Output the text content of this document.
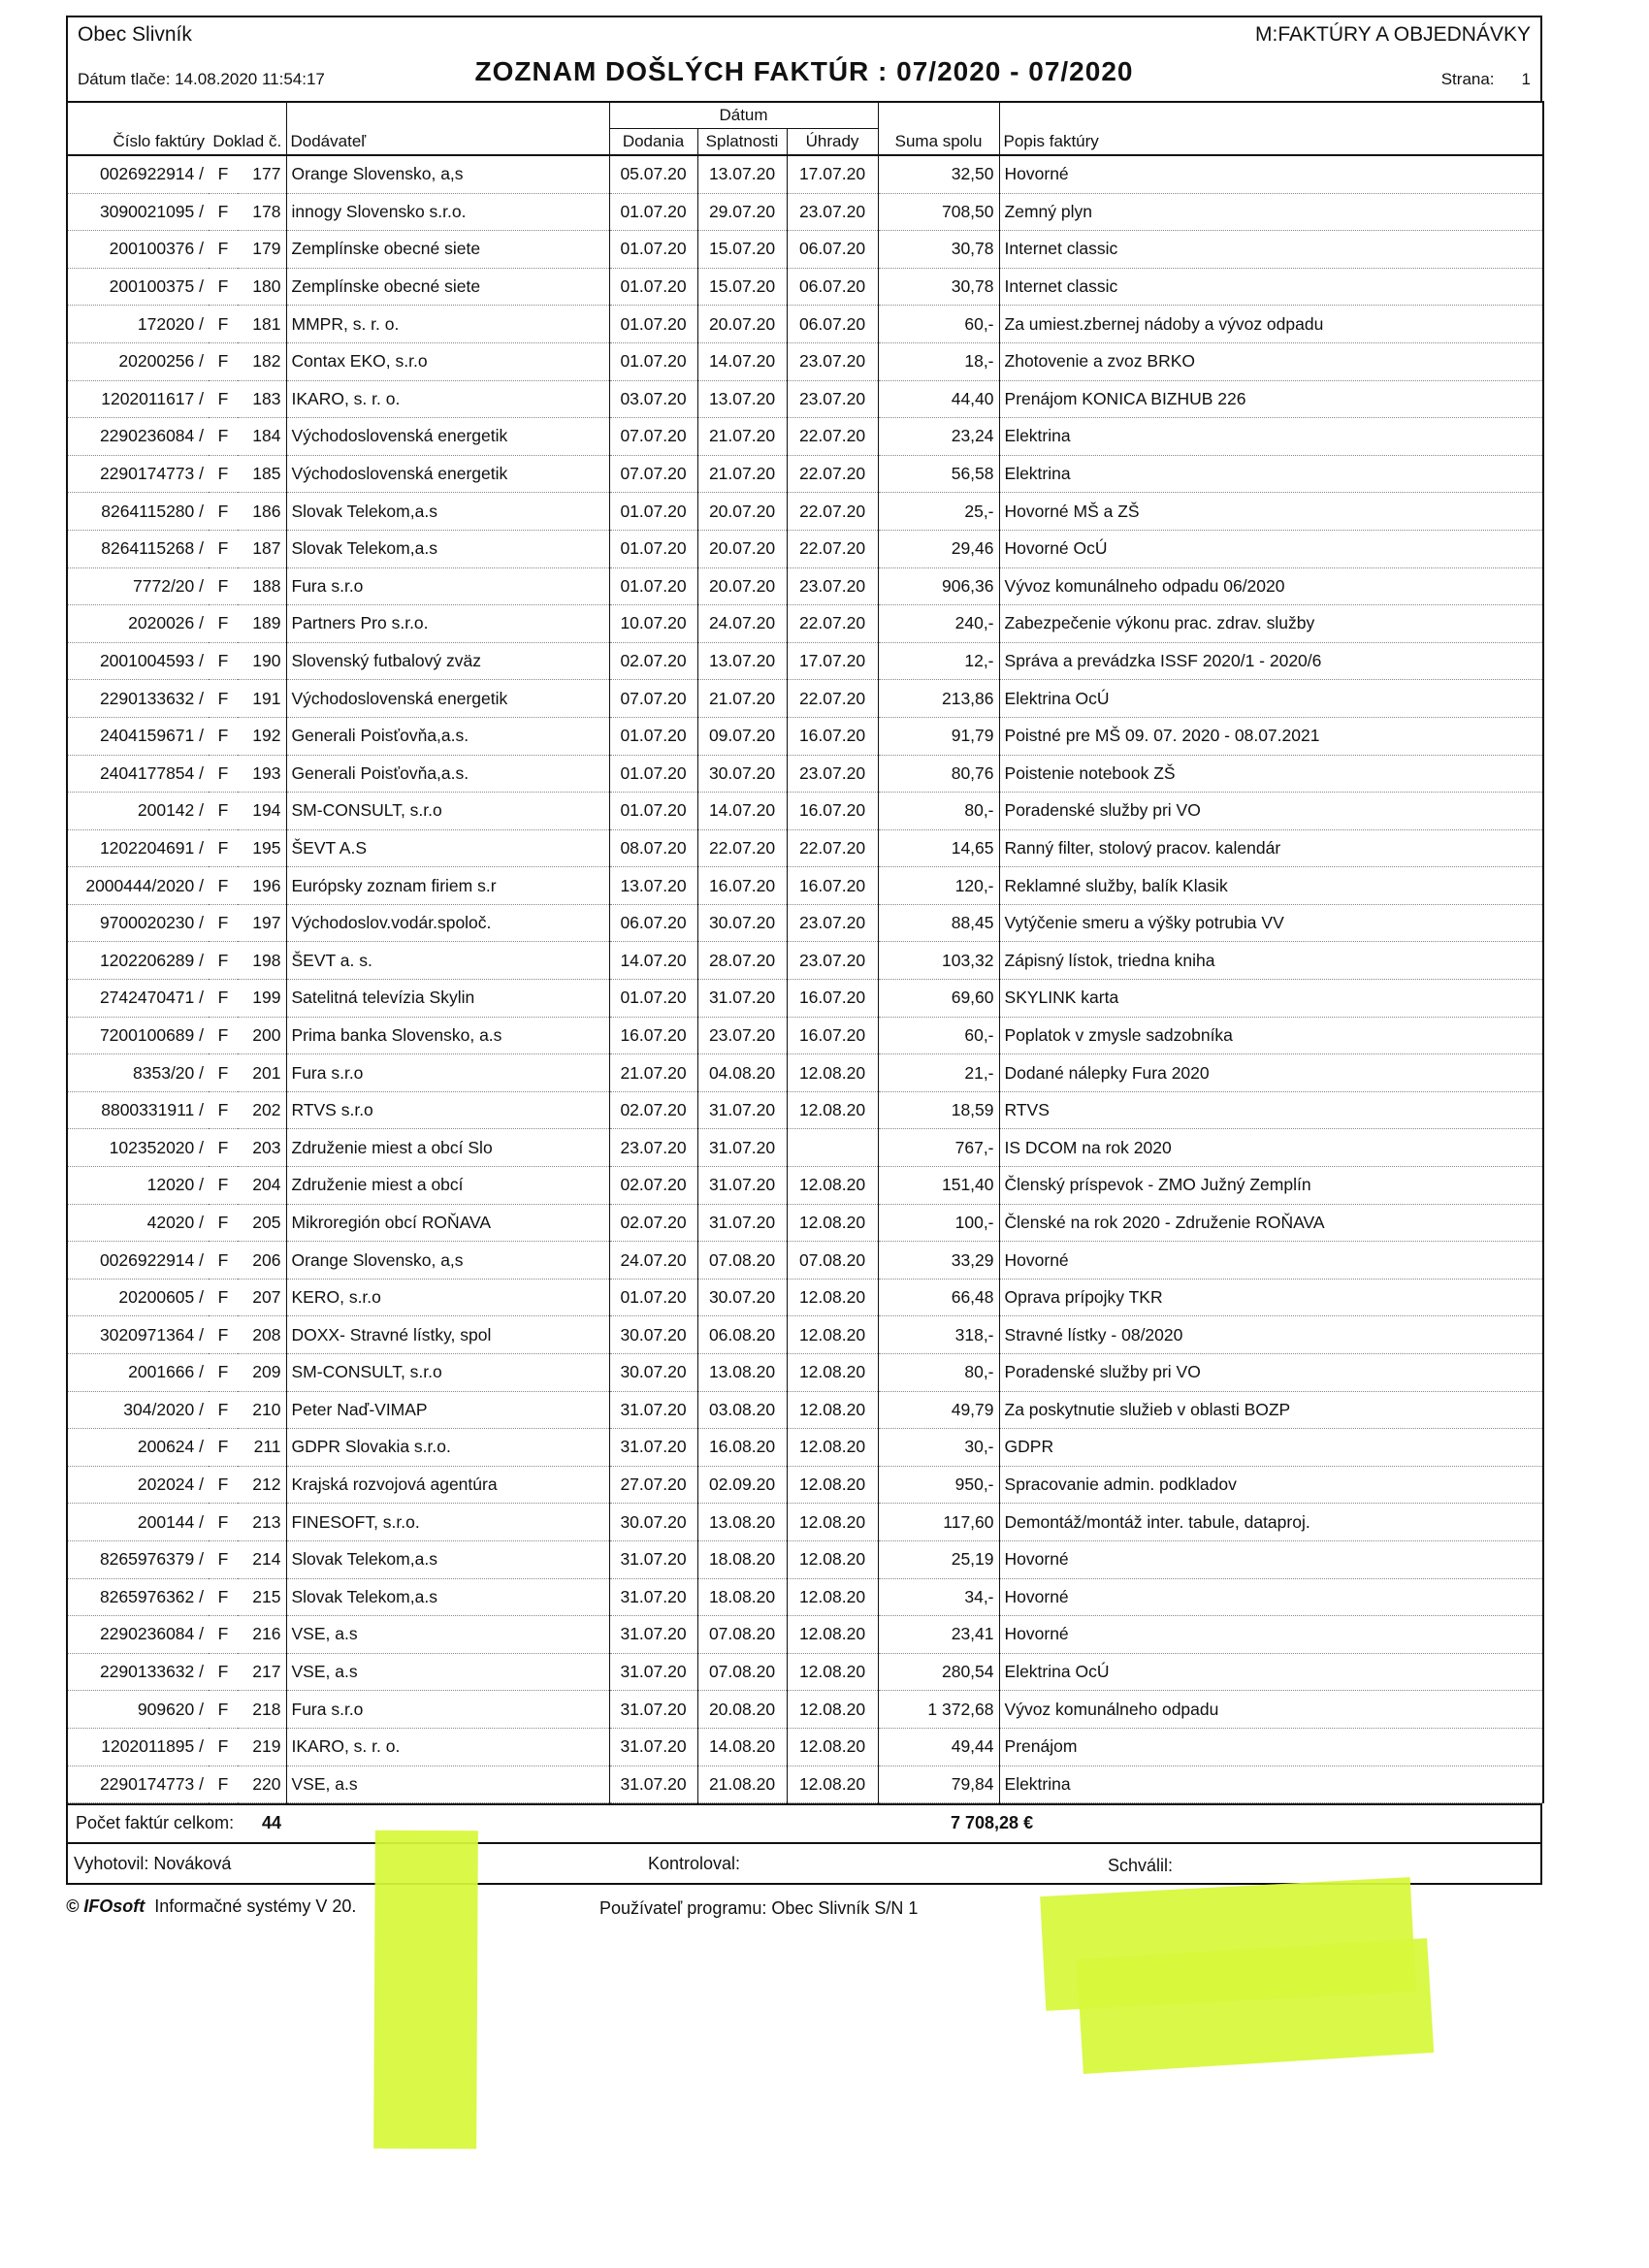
Obec Slivník	M:FAKTÚRY A OBJEDNÁVKY
ZOZNAM DOŠLÝCH FAKTÚR : 07/2020 - 07/2020
Dátum tlače: 14.08.2020 11:54:17	Strana: 1
				Dátum				
Číslo faktúry	Doklad č.		Dodávateľ	Dodania	Splatnosti	Úhrady	Suma spolu	Popis faktúry
0026922914 /	F	177	Orange Slovensko, a,s	05.07.20	13.07.20	17.07.20	32,50	Hovorné
3090021095 /	F	178	innogy Slovensko s.r.o.	01.07.20	29.07.20	23.07.20	708,50	Zemný plyn
200100376 /	F	179	Zemplínske obecné siete	01.07.20	15.07.20	06.07.20	30,78	Internet classic
200100375 /	F	180	Zemplínske obecné siete	01.07.20	15.07.20	06.07.20	30,78	Internet classic
172020 /	F	181	MMPR, s. r. o.	01.07.20	20.07.20	06.07.20	60,-	Za umiest.zbernej nádoby a vývoz odpadu
20200256 /	F	182	Contax EKO, s.r.o	01.07.20	14.07.20	23.07.20	18,-	Zhotovenie a zvoz BRKO
1202011617 /	F	183	IKARO, s. r. o.	03.07.20	13.07.20	23.07.20	44,40	Prenájom KONICA BIZHUB 226
2290236084 /	F	184	Východoslovenská energetik	07.07.20	21.07.20	22.07.20	23,24	Elektrina
2290174773 /	F	185	Východoslovenská energetik	07.07.20	21.07.20	22.07.20	56,58	Elektrina
8264115280 /	F	186	Slovak Telekom,a.s	01.07.20	20.07.20	22.07.20	25,-	Hovorné MŠ a ZŠ
8264115268 /	F	187	Slovak Telekom,a.s	01.07.20	20.07.20	22.07.20	29,46	Hovorné OcÚ
7772/20 /	F	188	Fura s.r.o	01.07.20	20.07.20	23.07.20	906,36	Vývoz komunálneho odpadu 06/2020
2020026 /	F	189	Partners Pro s.r.o.	10.07.20	24.07.20	22.07.20	240,-	Zabezpečenie výkonu prac. zdrav. služby
2001004593 /	F	190	Slovenský futbalový zväz	02.07.20	13.07.20	17.07.20	12,-	Správa a prevádzka ISSF 2020/1 - 2020/6
2290133632 /	F	191	Východoslovenská energetik	07.07.20	21.07.20	22.07.20	213,86	Elektrina OcÚ
2404159671 /	F	192	Generali Poisťovňa,a.s.	01.07.20	09.07.20	16.07.20	91,79	Poistné pre MŠ 09. 07. 2020 - 08.07.2021
2404177854 /	F	193	Generali Poisťovňa,a.s.	01.07.20	30.07.20	23.07.20	80,76	Poistenie notebook ZŠ
200142 /	F	194	SM-CONSULT, s.r.o	01.07.20	14.07.20	16.07.20	80,-	Poradenské služby pri VO
1202204691 /	F	195	ŠEVT A.S	08.07.20	22.07.20	22.07.20	14,65	Ranný filter, stolový pracov. kalendár
2000444/2020 /	F	196	Európsky zoznam firiem s.r	13.07.20	16.07.20	16.07.20	120,-	Reklamné služby, balík Klasik
9700020230 /	F	197	Východoslov.vodár.spoloč.	06.07.20	30.07.20	23.07.20	88,45	Vytýčenie smeru a výšky potrubia VV
1202206289 /	F	198	ŠEVT a. s.	14.07.20	28.07.20	23.07.20	103,32	Zápisný lístok, triedna kniha
2742470471 /	F	199	Satelitná televízia Skylin	01.07.20	31.07.20	16.07.20	69,60	SKYLINK karta
7200100689 /	F	200	Prima banka Slovensko, a.s	16.07.20	23.07.20	16.07.20	60,-	Poplatok v zmysle sadzobníka
8353/20 /	F	201	Fura s.r.o	21.07.20	04.08.20	12.08.20	21,-	Dodané nálepky Fura 2020
8800331911 /	F	202	RTVS s.r.o	02.07.20	31.07.20	12.08.20	18,59	RTVS
102352020 /	F	203	Združenie miest a obcí Slo	23.07.20	31.07.20		767,-	IS DCOM na rok 2020
12020 /	F	204	Združenie miest a obcí	02.07.20	31.07.20	12.08.20	151,40	Členský príspevok - ZMO Južný Zemplín
42020 /	F	205	Mikroregión obcí ROŇAVA	02.07.20	31.07.20	12.08.20	100,-	Členské na rok 2020 - Združenie ROŇAVA
0026922914 /	F	206	Orange Slovensko, a,s	24.07.20	07.08.20	07.08.20	33,29	Hovorné
20200605 /	F	207	KERO, s.r.o	01.07.20	30.07.20	12.08.20	66,48	Oprava prípojky TKR
3020971364 /	F	208	DOXX- Stravné lístky, spol	30.07.20	06.08.20	12.08.20	318,-	Stravné lístky - 08/2020
2001666 /	F	209	SM-CONSULT, s.r.o	30.07.20	13.08.20	12.08.20	80,-	Poradenské služby pri VO
304/2020 /	F	210	Peter Naď-VIMAP	31.07.20	03.08.20	12.08.20	49,79	Za poskytnutie služieb v oblasti BOZP
200624 /	F	211	GDPR Slovakia s.r.o.	31.07.20	16.08.20	12.08.20	30,-	GDPR
202024 /	F	212	Krajská rozvojová agentúra	27.07.20	02.09.20	12.08.20	950,-	Spracovanie admin. podkladov
200144 /	F	213	FINESOFT, s.r.o.	30.07.20	13.08.20	12.08.20	117,60	Demontáž/montáž inter. tabule, dataproj.
8265976379 /	F	214	Slovak Telekom,a.s	31.07.20	18.08.20	12.08.20	25,19	Hovorné
8265976362 /	F	215	Slovak Telekom,a.s	31.07.20	18.08.20	12.08.20	34,-	Hovorné
2290236084 /	F	216	VSE, a.s	31.07.20	07.08.20	12.08.20	23,41	Hovorné
2290133632 /	F	217	VSE, a.s	31.07.20	07.08.20	12.08.20	280,54	Elektrina OcÚ
909620 /	F	218	Fura s.r.o	31.07.20	20.08.20	12.08.20	1 372,68	Vývoz komunálneho odpadu
1202011895 /	F	219	IKARO, s. r. o.	31.07.20	14.08.20	12.08.20	49,44	Prenájom
2290174773 /	F	220	VSE, a.s	31.07.20	21.08.20	12.08.20	79,84	Elektrina
Počet faktúr celkom: 44	7 708,28 €
Vyhotovil: Nováková	Kontroloval:	Schválil:
© IFOsoft Informačné systémy V 20.	Používateľ programu: Obec Slivník S/N 1
